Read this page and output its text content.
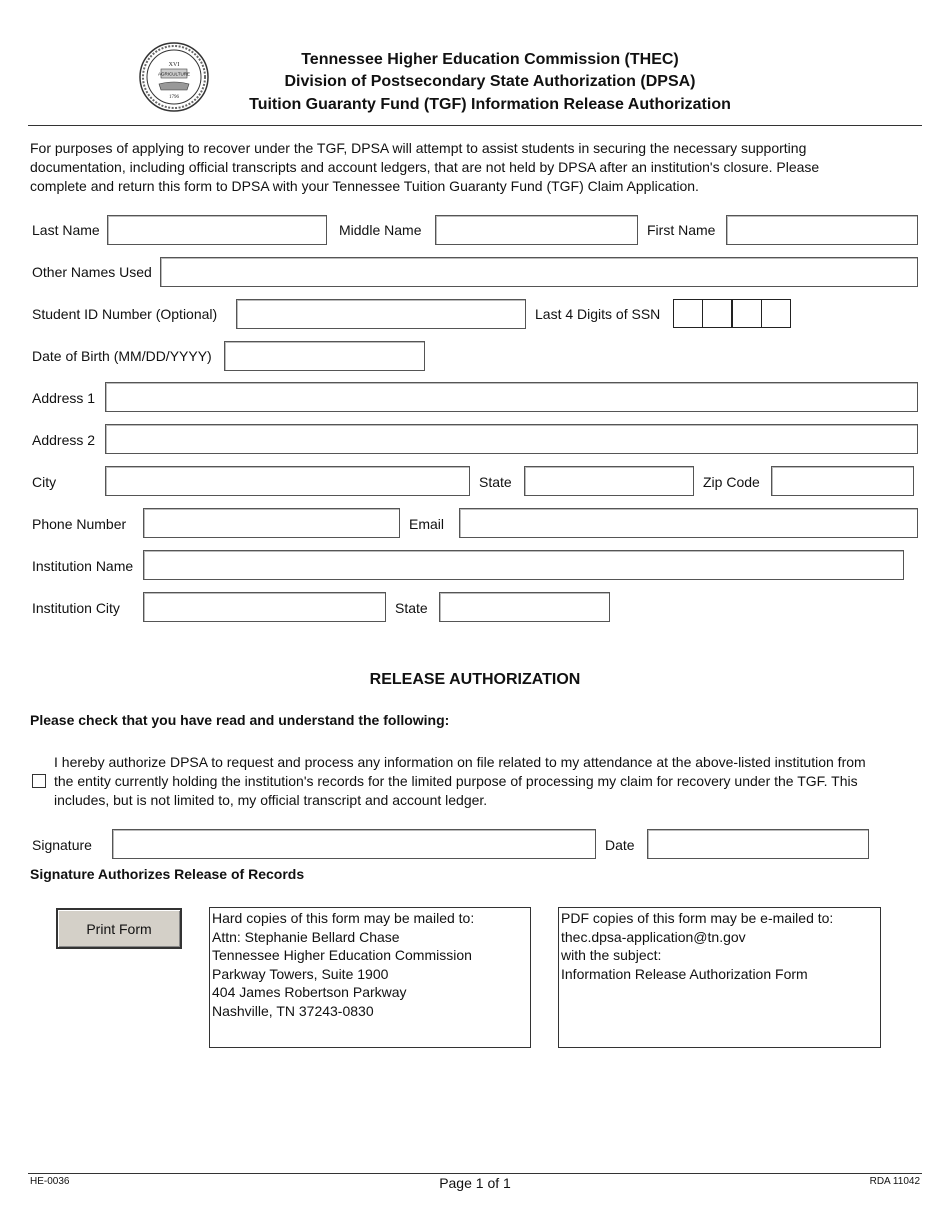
XVI
AGRICULTURE
1796
Tennessee Higher Education Commission (THEC)
Division of Postsecondary State Authorization (DPSA)
Tuition Guaranty Fund (TGF) Information Release Authorization
For purposes of applying to recover under the TGF, DPSA will attempt to assist students in securing the necessary supporting
documentation, including official transcripts and account ledgers, that are not held by DPSA after an institution's closure. Please
complete and return this form to DPSA with your Tennessee Tuition Guaranty Fund (TGF) Claim Application.
Last Name	Middle Name	First Name
Other Names Used
Student ID Number (Optional)	Last 4 Digits of SSN
Date of Birth (MM/DD/YYYY)
Address 1
Address 2
City	State	Zip Code
Phone Number	Email
Institution Name
Institution City	State
RELEASE AUTHORIZATION
Please check that you have read and understand the following:
I hereby authorize DPSA to request and process any information on file related to my attendance at the above-listed institution from
the entity currently holding the institution's records for the limited purpose of processing my claim for recovery under the TGF. This
includes, but is not limited to, my official transcript and account ledger.
Signature	Date
Signature Authorizes Release of Records
Print Form
Hard copies of this form may be mailed to:
Attn: Stephanie Bellard Chase
Tennessee Higher Education Commission
Parkway Towers, Suite 1900
404 James Robertson Parkway
Nashville, TN 37243-0830
PDF copies of this form may be e-mailed to:
thec.dpsa-application@tn.gov
with the subject:
Information Release Authorization Form
HE-0036	Page 1 of 1	RDA 11042
